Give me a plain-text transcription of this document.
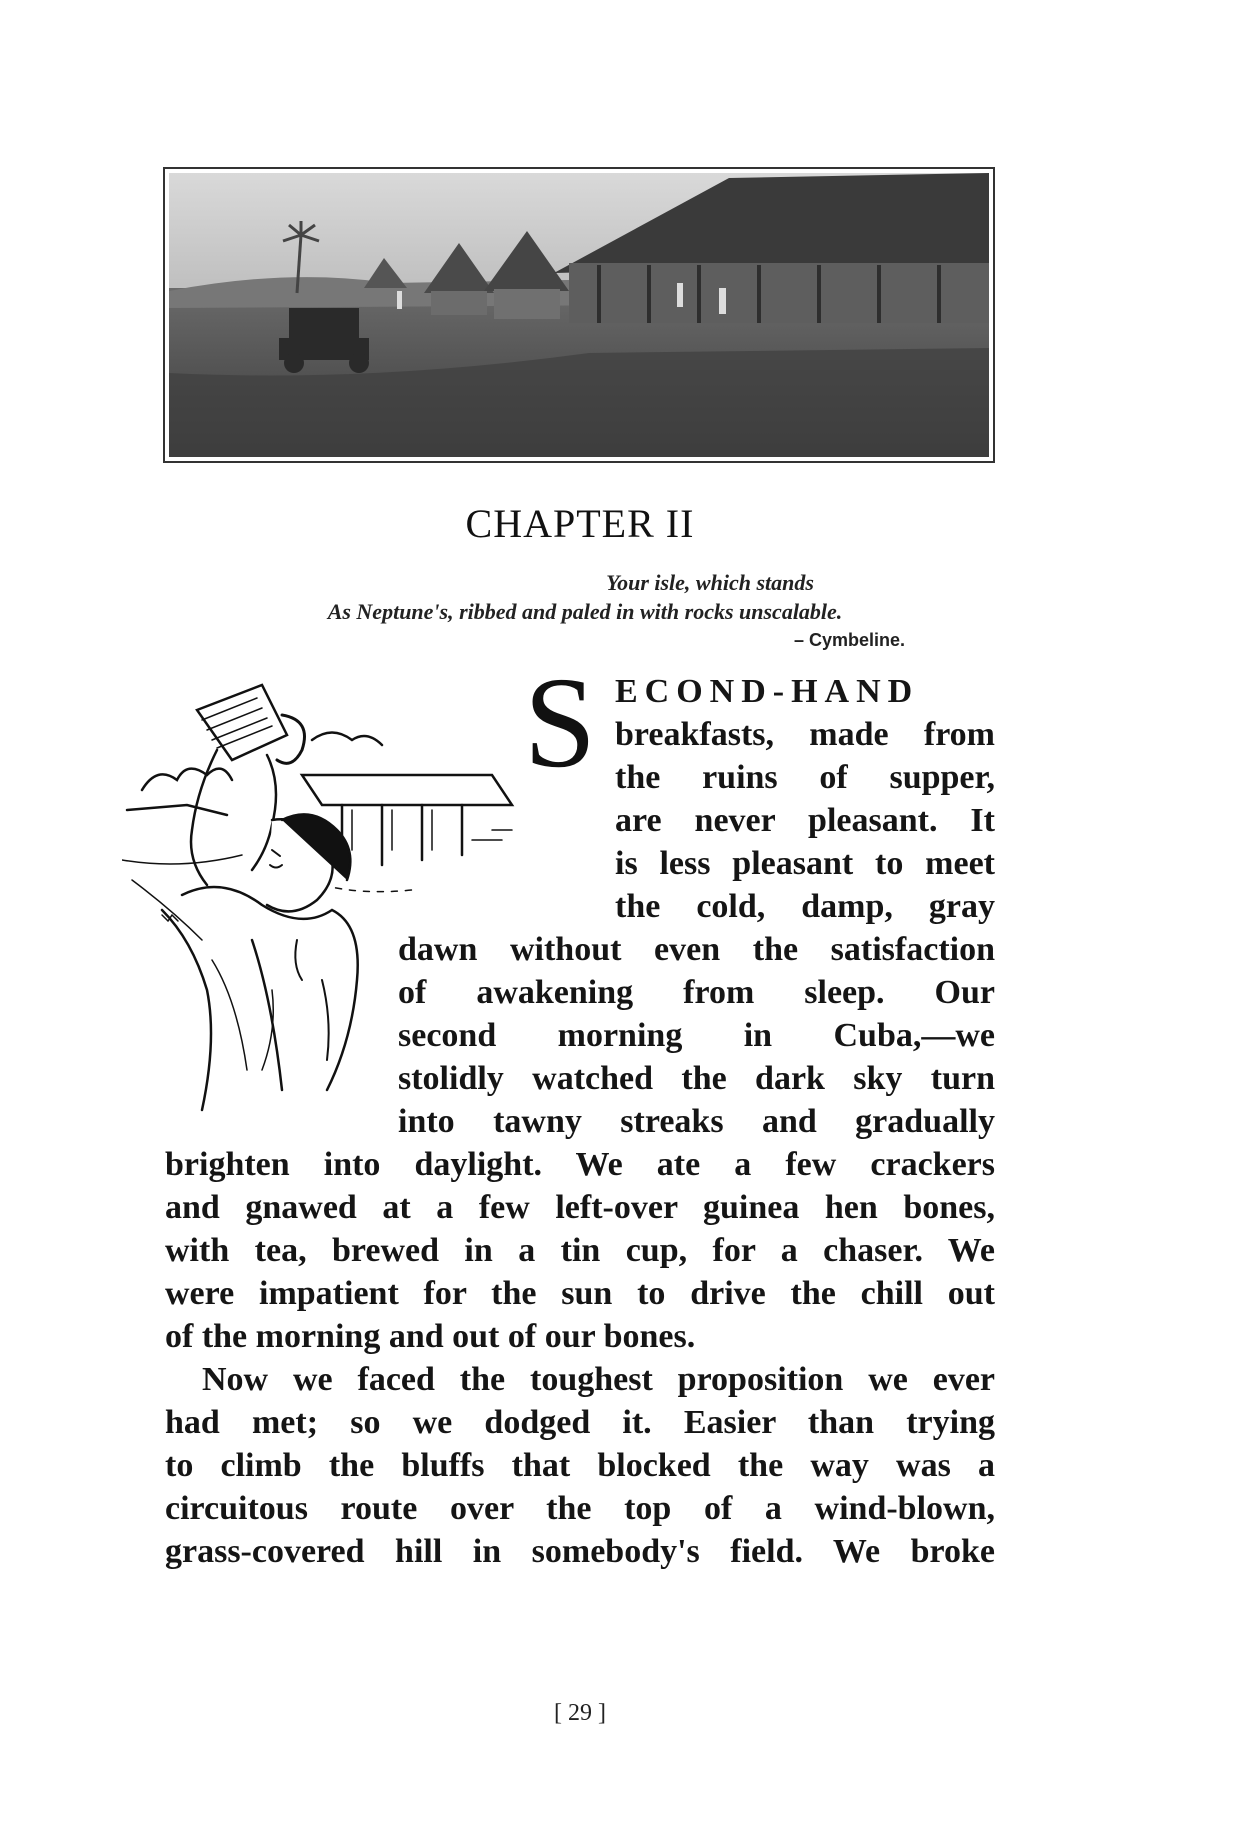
CHAPTER II
Your isle, which stands
As Neptune's, ribbed and paled in with rocks unscalable.
– Cymbeline.
S ECOND-HAND
breakfasts, made from
the ruins of supper,
are never pleasant. It
is less pleasant to meet
the cold, damp, gray
dawn without even the satisfaction
of awakening from sleep. Our
second morning in Cuba,—we
stolidly watched the dark sky turn
into tawny streaks and gradually
brighten into daylight. We ate a few crackers
and gnawed at a few left-over guinea hen bones,
with tea, brewed in a tin cup, for a chaser. We
were impatient for the sun to drive the chill out
of the morning and out of our bones.
Now we faced the toughest proposition we ever
had met; so we dodged it. Easier than trying
to climb the bluffs that blocked the way was a
circuitous route over the top of a wind-blown,
grass-covered hill in somebody's field. We broke
[ 29 ]
